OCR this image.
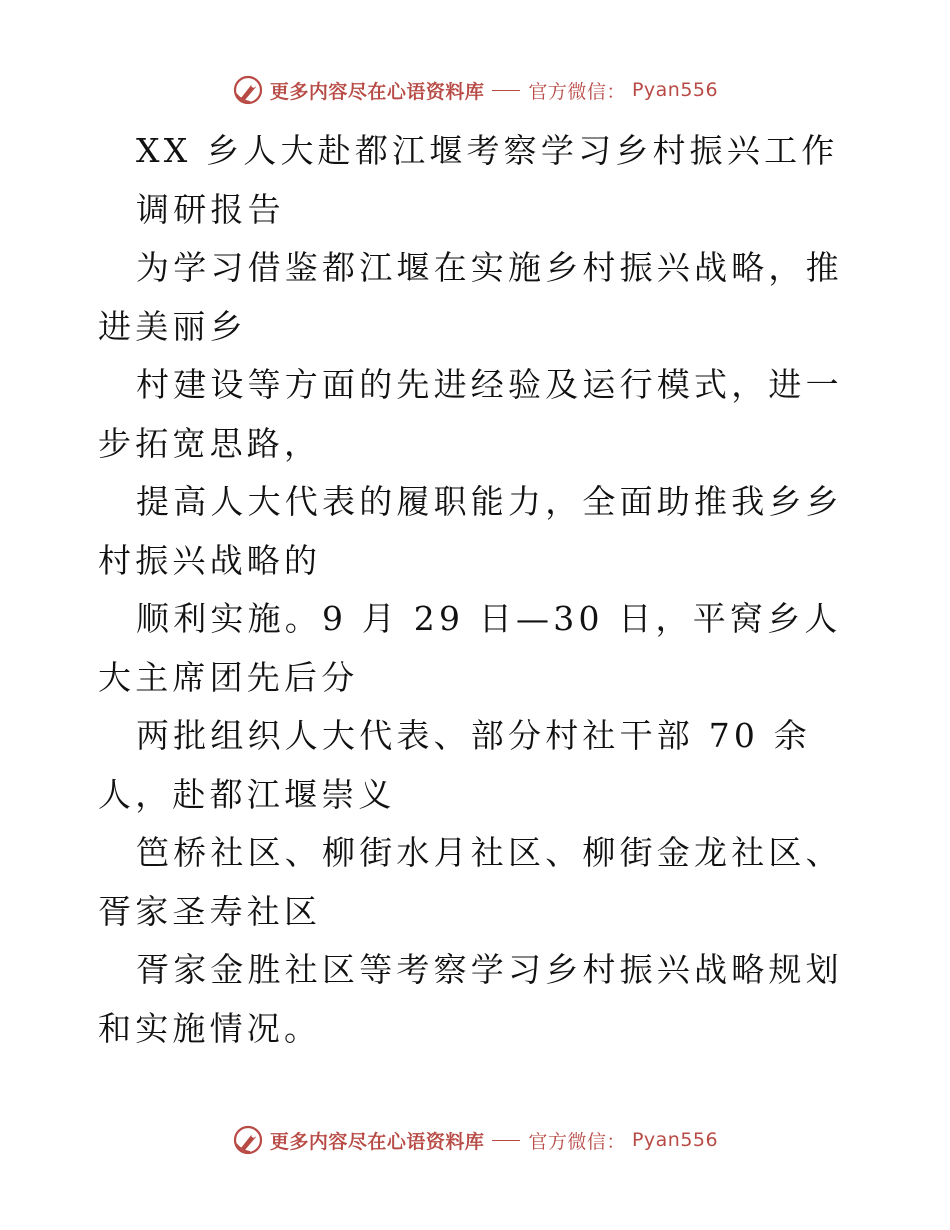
更多内容尽在心语资料库 官方微信： Pyan556

XX 乡人大赴都江堰考察学习乡村振兴工作

调研报告

为学习借鉴都江堰在实施乡村振兴战略，推进美丽乡

村建设等方面的先进经验及运行模式，进一步拓宽思路，

提高人大代表的履职能力，全面助推我乡乡村振兴战略的

顺利实施。9 月 29 日—30 日，平窝乡人大主席团先后分

两批组织人大代表、部分村社干部 70 余人，赴都江堰崇义

笆桥社区、柳街水月社区、柳街金龙社区、胥家圣寿社区

胥家金胜社区等考察学习乡村振兴战略规划和实施情况。

更多内容尽在心语资料库 官方微信： Pyan556
